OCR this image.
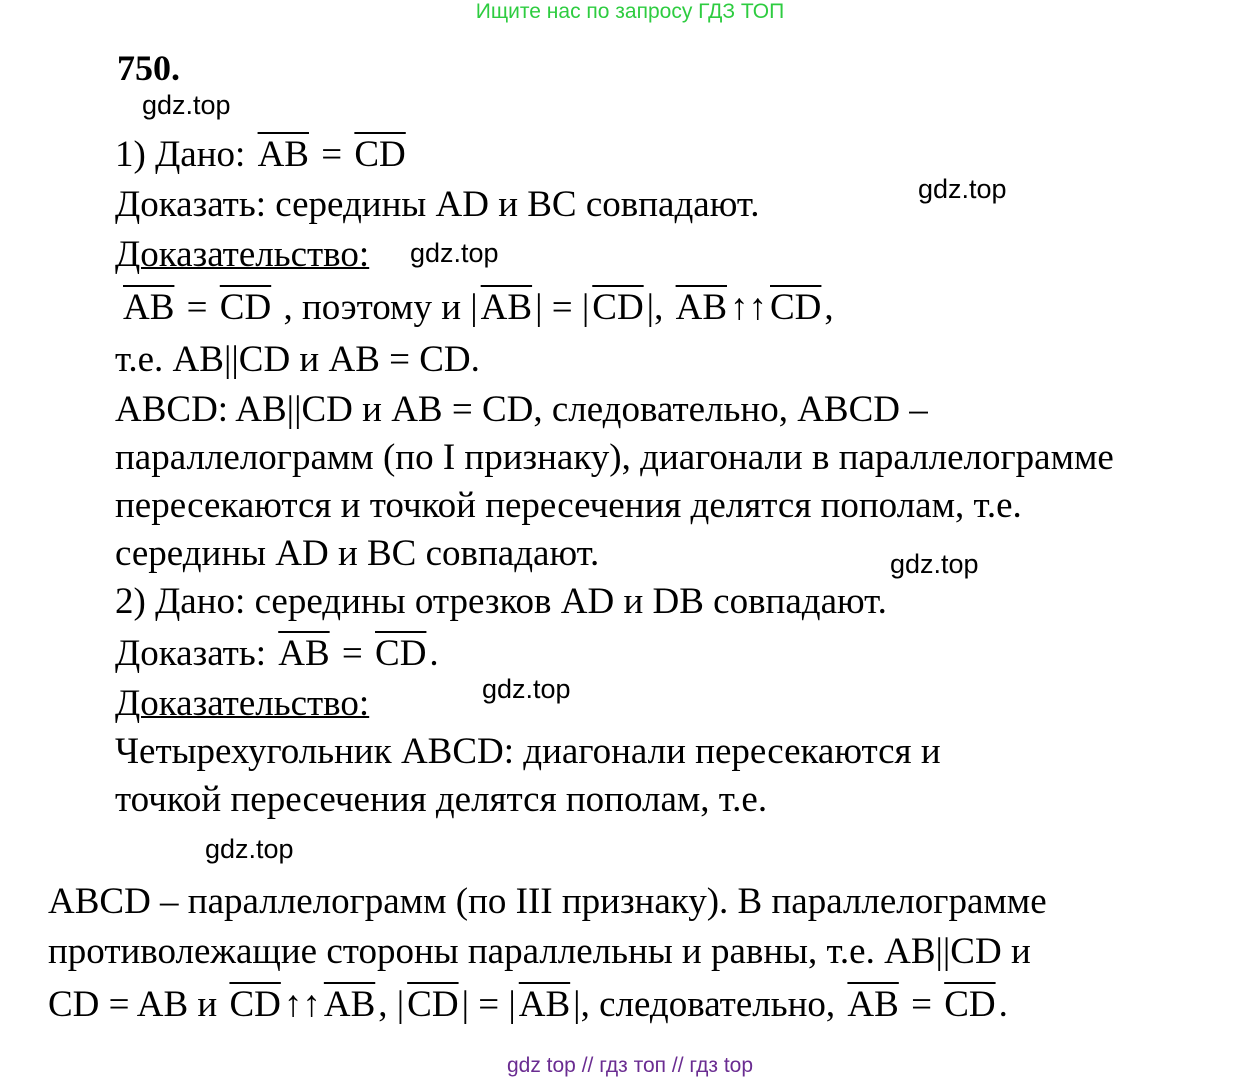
Ищите нас по запросу ГДЗ ТОП
750.
1) Дано: $\overline{AB} = \overline{CD}$
Доказать: середины AD и BC совпадают.
Доказательство:
$\overline{AB} = \overline{CD}$ , поэтому и $|\overline{AB}| = |\overline{CD}|$, $\overline{AB}↑↑\overline{CD}$,
т.е. AB||CD и AB = CD.
ABCD: AB||CD и AB = CD, следовательно, ABCD –
параллелограмм (по I признаку), диагонали в параллелограмме
пересекаются и точкой пересечения делятся пополам, т.е.
середины AD и BC совпадают.
2) Дано: середины отрезков AD и DB совпадают.
Доказать: $\overline{AB} = \overline{CD}$.
Доказательство:
Четырехугольник ABCD: диагонали пересекаются и
точкой пересечения делятся пополам, т.е.
ABCD – параллелограмм (по III признаку). В параллелограмме
противолежащие стороны параллельны и равны, т.е. AB||CD и
CD = AB и $\overline{CD}↑↑\overline{AB}$, $|\overline{CD}| = |\overline{AB}|$, следовательно, $\overline{AB} = \overline{CD}$.
gdz.top
gdz.top
gdz.top
gdz.top
gdz.top
gdz.top
gdz top // гдз топ // гдз top
